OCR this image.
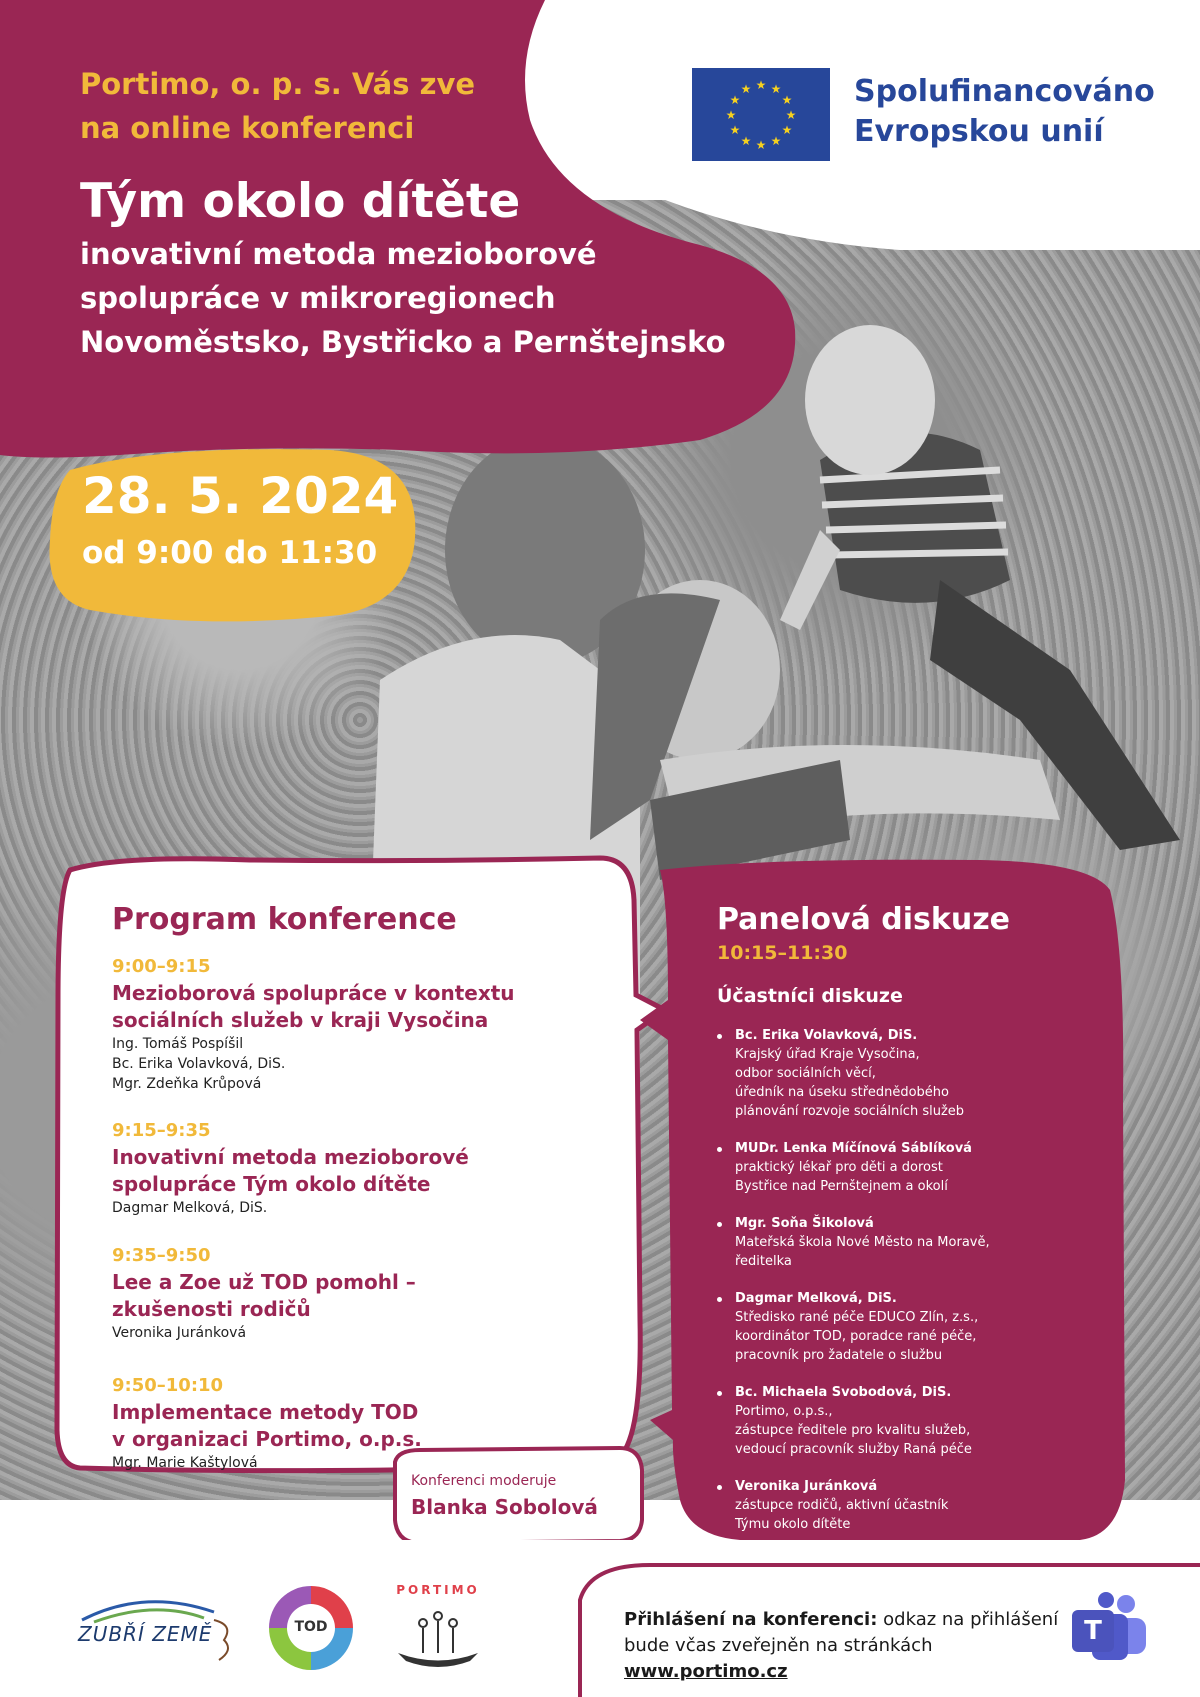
Portimo, o. p. s. Vás zve
na online konferenci
Tým okolo dítěte
inovativní metoda mezioborové
spolupráce v mikroregionech
Novoměstsko, Bystřicko a Pernštejnsko
★ ★
★
★
★
★
★
★
★
★
★
★	Spolufinancováno
Evropskou unií
28. 5. 2024
od 9:00 do 11:30
Program konference
9:00–9:15
Mezioborová spolupráce v kontextu
sociálních služeb v kraji Vysočina
Ing. Tomáš Pospíšil
Bc. Erika Volavková, DiS.
Mgr. Zdeňka Krůpová
9:15–9:35
Inovativní metoda mezioborové
spolupráce Tým okolo dítěte
Dagmar Melková, DiS.
9:35–9:50
Lee a Zoe už TOD pomohl –
zkušenosti rodičů
Veronika Juránková
9:50–10:10
Implementace metody TOD
v organizaci Portimo, o.p.s.
Mgr. Marie Kaštylová
Konferenci moderuje
Blanka Sobolová
Panelová diskuze
10:15–11:30
Účastníci diskuze
Bc. Erika Volavková, DiS.
Krajský úřad Kraje Vysočina,
odbor sociálních věcí,
úředník na úseku střednědobého
plánování rozvoje sociálních služeb
MUDr. Lenka Míčínová Sáblíková
praktický lékař pro děti a dorost
Bystřice nad Pernštejnem a okolí
Mgr. Soňa Šikolová
Mateřská škola Nové Město na Moravě,
ředitelka
Dagmar Melková, DiS.
Středisko rané péče EDUCO Zlín, z.s.,
koordinátor TOD, poradce rané péče,
pracovník pro žadatele o službu
Bc. Michaela Svobodová, DiS.
Portimo, o.p.s.,
zástupce ředitele pro kvalitu služeb,
vedoucí pracovník služby Raná péče
Veronika Juránková
zástupce rodičů, aktivní účastník
Týmu okolo dítěte
ZUBŘÍ ZEMĚ	TOD
PORTIMO
Přihlášení na konferenci: odkaz na přihlášení bude včas zveřejněn na stránkách www.portimo.cz
T
